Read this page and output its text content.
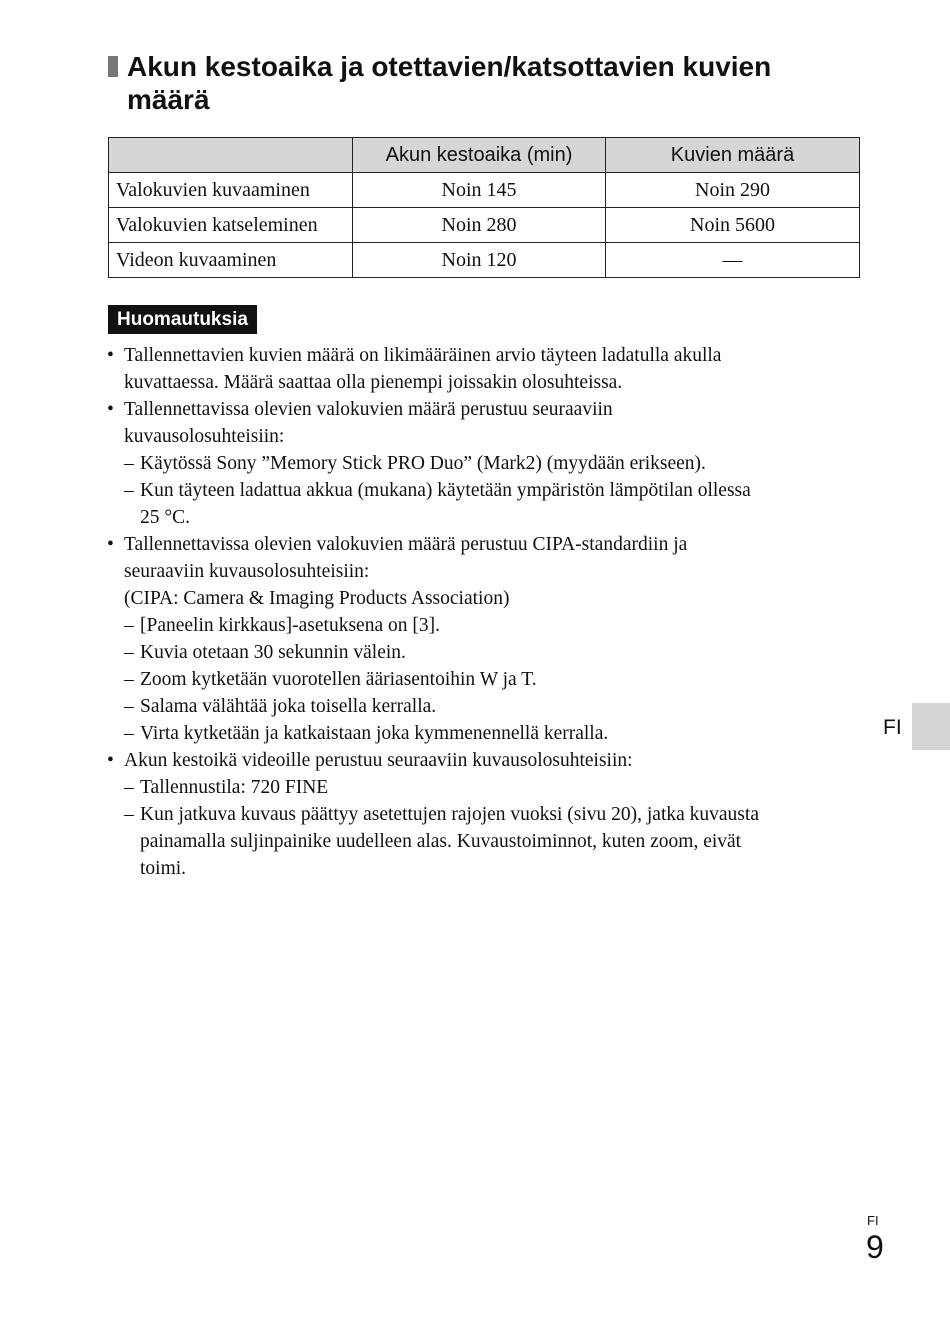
Akun kestoaika ja otettavien/katsottavien kuvien
määrä
	Akun kestoaika (min)	Kuvien määrä
Valokuvien kuvaaminen	Noin 145	Noin 290
Valokuvien katseleminen	Noin 280	Noin 5600
Videon kuvaaminen	Noin 120	—
Huomautuksia
• Tallennettavien kuvien määrä on likimääräinen arvio täyteen ladatulla akulla
kuvattaessa. Määrä saattaa olla pienempi joissakin olosuhteissa.
• Tallennettavissa olevien valokuvien määrä perustuu seuraaviin
kuvausolosuhteisiin:
– Käytössä Sony ”Memory Stick PRO Duo” (Mark2) (myydään erikseen).
– Kun täyteen ladattua akkua (mukana) käytetään ympäristön lämpötilan ollessa
25 °C.
• Tallennettavissa olevien valokuvien määrä perustuu CIPA-standardiin ja
seuraaviin kuvausolosuhteisiin:
(CIPA: Camera & Imaging Products Association)
– [Paneelin kirkkaus]-asetuksena on [3].
– Kuvia otetaan 30 sekunnin välein.
– Zoom kytketään vuorotellen ääriasentoihin W ja T.
– Salama välähtää joka toisella kerralla.
– Virta kytketään ja katkaistaan joka kymmenennellä kerralla.
• Akun kestoikä videoille perustuu seuraaviin kuvausolosuhteisiin:
– Tallennustila: 720 FINE
– Kun jatkuva kuvaus päättyy asetettujen rajojen vuoksi (sivu 20), jatka kuvausta
painamalla suljinpainike uudelleen alas. Kuvaustoiminnot, kuten zoom, eivät
toimi.
FI
FI
9
